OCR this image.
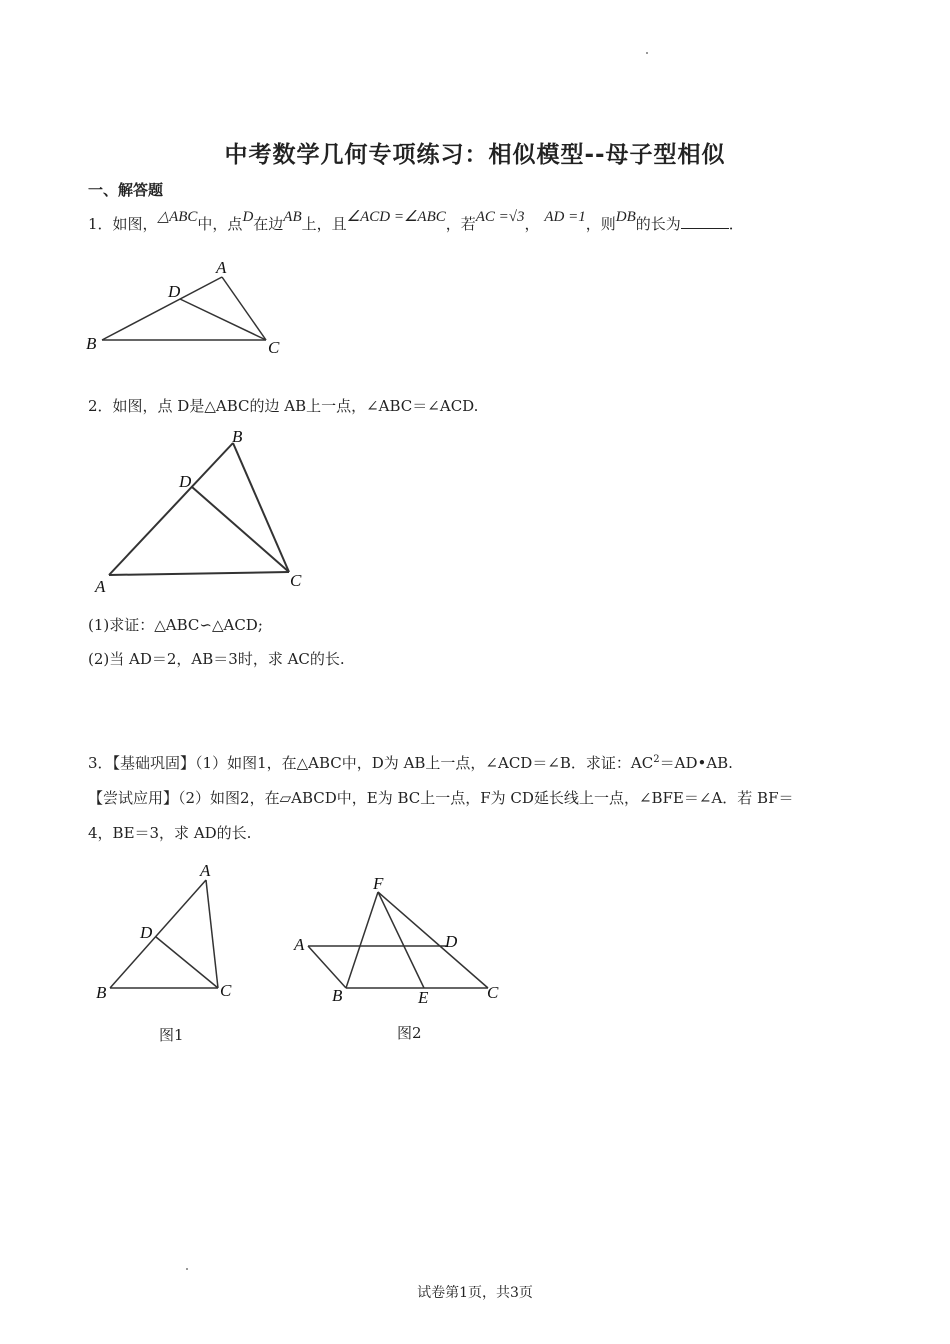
中考数学几何专项练习：相似模型--母子型相似
一、解答题
1．如图，△ABC中，点D在边AB上，且∠ACD =∠ABC，若AC =√3， AD =1，则DB的长为	．
A
D
B	C
2．如图，点 D是△ABC的边 AB上一点，∠ABC＝∠ACD.
B
D
A	C
(1)求证：△ABC∽△ACD;
(2)当 AD＝2，AB＝3时，求 AC的长.
3．【基础巩固】（1）如图1，在△ABC中，D为 AB上一点，∠ACD＝∠B．求证：$AC^2=AD•AB$.
【尝试应用】（2）如图2，在▱ABCD中，E为 BC上一点，F为 CD延长线上一点，∠BFE＝∠A．若 BF＝
4，BE＝3，求 AD的长.
A
D
B	C
图1
F
A	D
B	E	C
图2
试卷第1页，共3页
